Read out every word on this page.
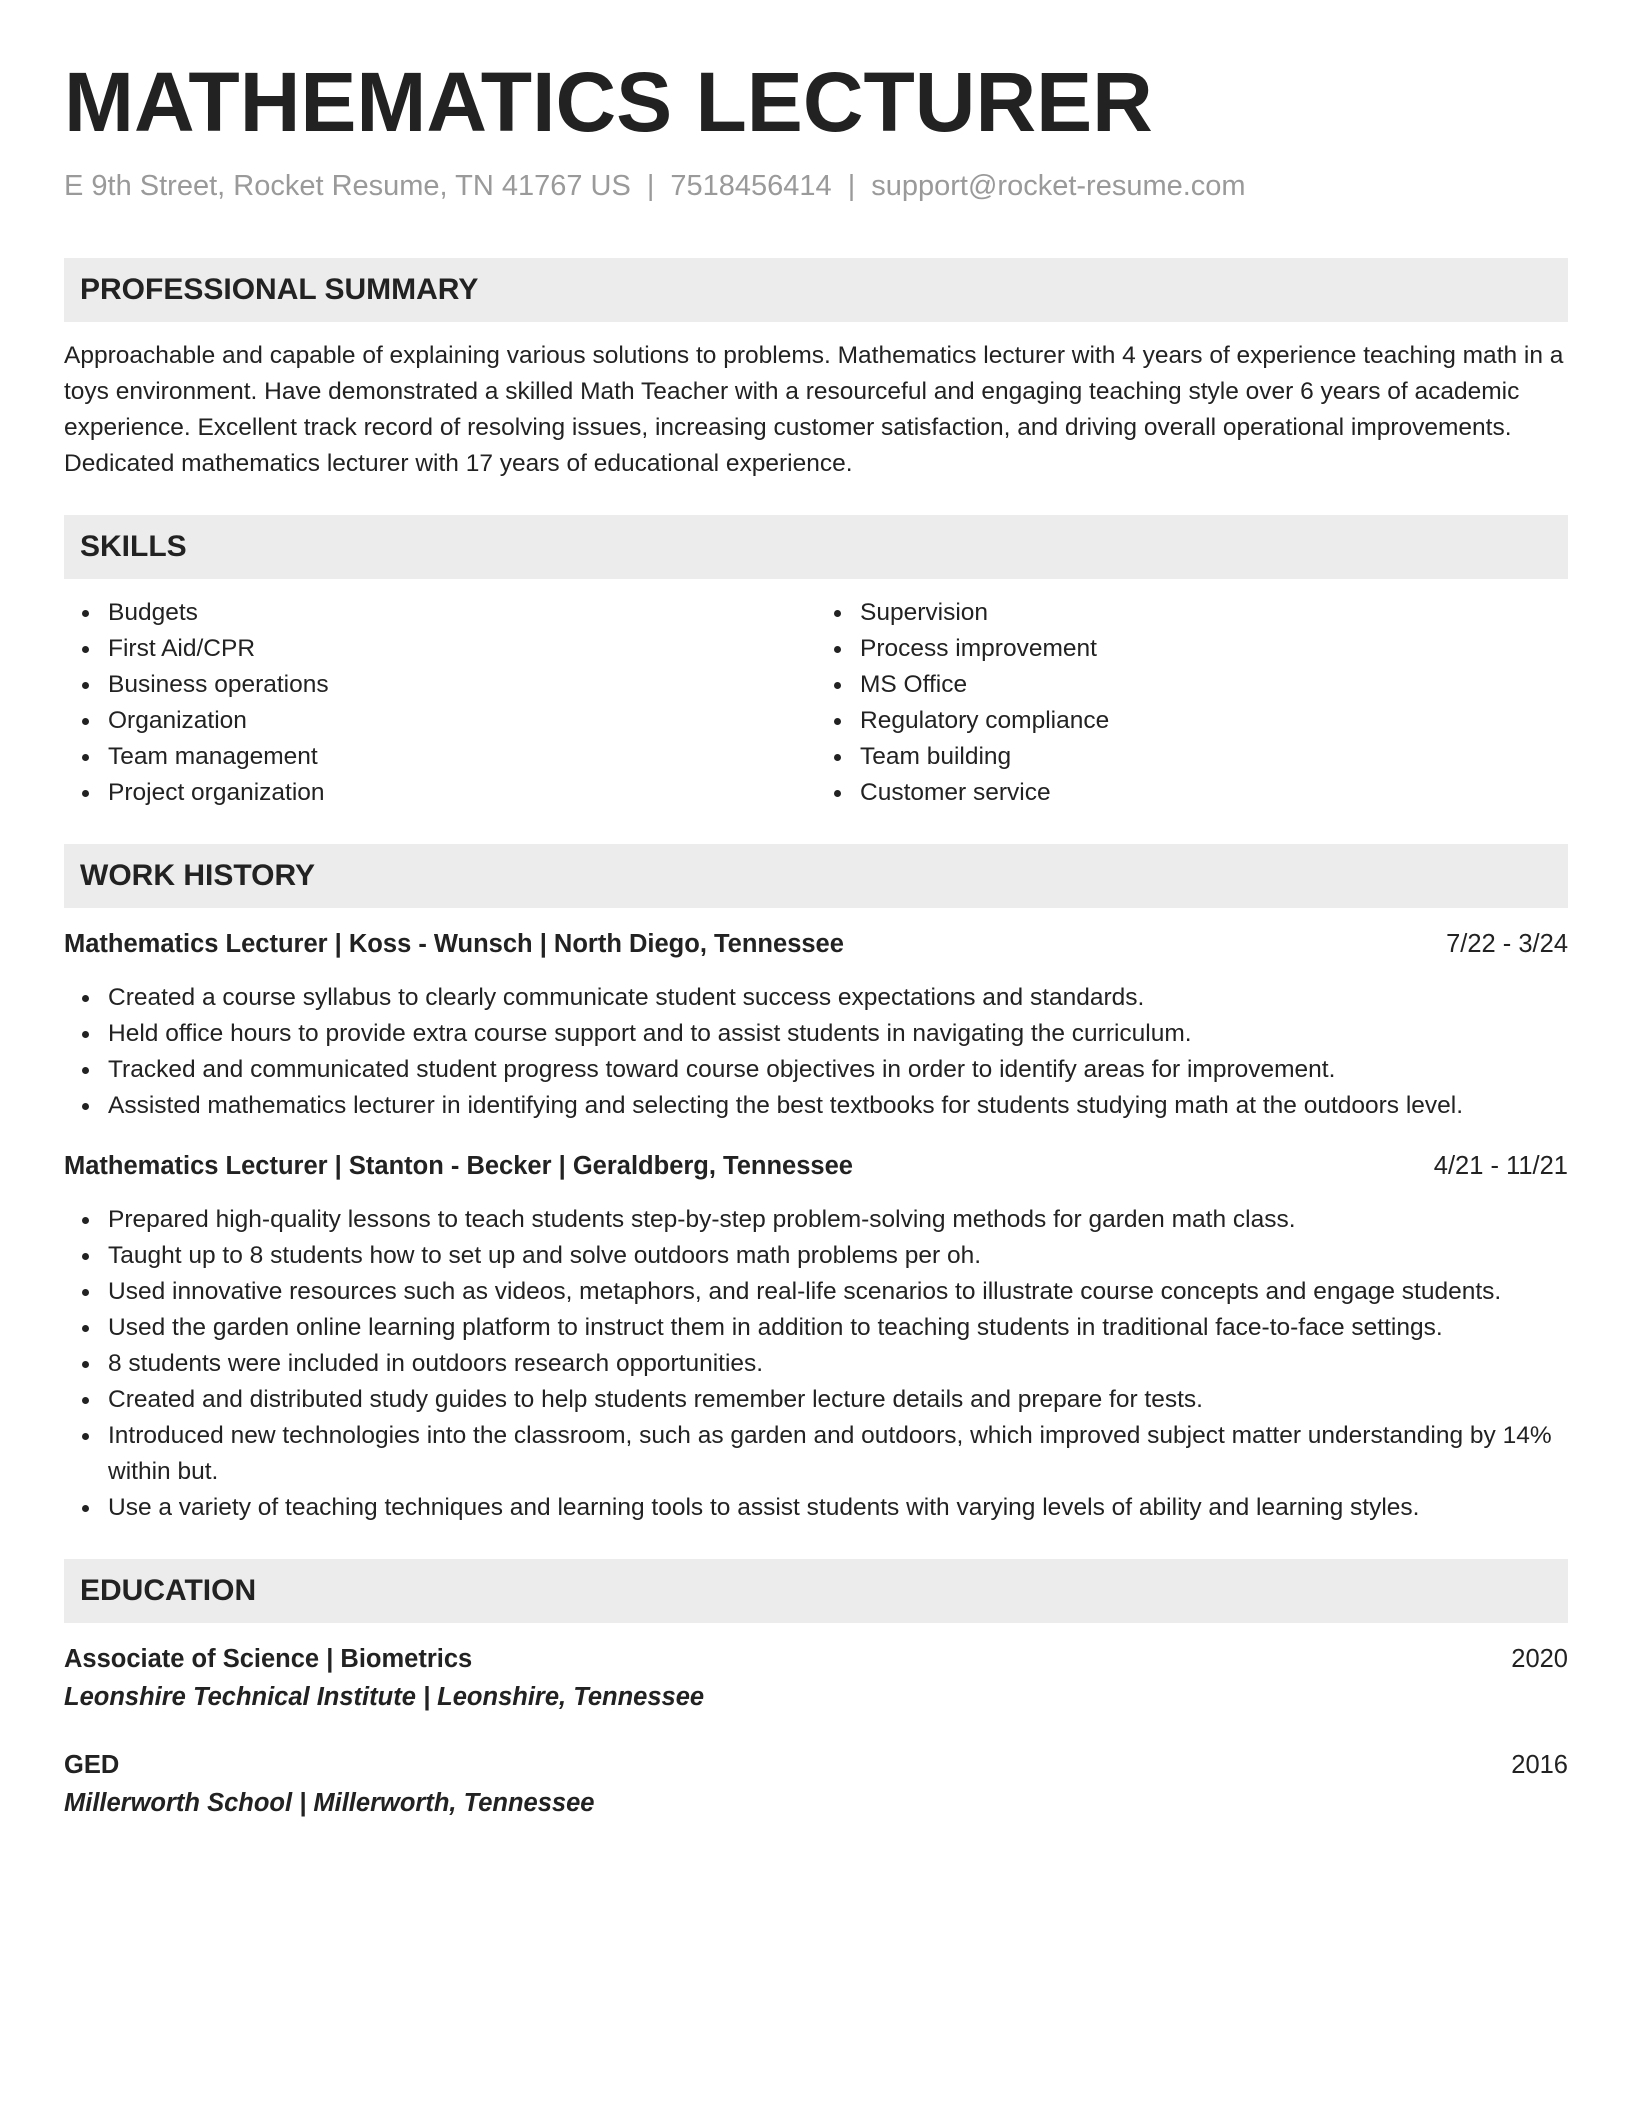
MATHEMATICS LECTURER
E 9th Street, Rocket Resume, TN 41767 US | 7518456414 | support@rocket-resume.com
PROFESSIONAL SUMMARY

Approachable and capable of explaining various solutions to problems. Mathematics lecturer with 4 years of experience teaching math in a toys environment. Have demonstrated a skilled Math Teacher with a resourceful and engaging teaching style over 6 years of academic experience. Excellent track record of resolving issues, increasing customer satisfaction, and driving overall operational improvements. Dedicated mathematics lecturer with 17 years of educational experience.

SKILLS
Budgets
First Aid/CPR
Business operations
Organization
Team management
Project organization
Supervision
Process improvement
MS Office
Regulatory compliance
Team building
Customer service
WORK HISTORY
Mathematics Lecturer | Koss - Wunsch | North Diego, Tennessee	7/22 - 3/24
Created a course syllabus to clearly communicate student success expectations and standards.
Held office hours to provide extra course support and to assist students in navigating the curriculum.
Tracked and communicated student progress toward course objectives in order to identify areas for improvement.
Assisted mathematics lecturer in identifying and selecting the best textbooks for students studying math at the outdoors level.
Mathematics Lecturer | Stanton - Becker | Geraldberg, Tennessee	4/21 - 11/21
Prepared high-quality lessons to teach students step-by-step problem-solving methods for garden math class.
Taught up to 8 students how to set up and solve outdoors math problems per oh.
Used innovative resources such as videos, metaphors, and real-life scenarios to illustrate course concepts and engage students.
Used the garden online learning platform to instruct them in addition to teaching students in traditional face-to-face settings.
8 students were included in outdoors research opportunities.
Created and distributed study guides to help students remember lecture details and prepare for tests.
Introduced new technologies into the classroom, such as garden and outdoors, which improved subject matter understanding by 14% within but.
Use a variety of teaching techniques and learning tools to assist students with varying levels of ability and learning styles.
EDUCATION
Associate of Science | Biometrics	2020
Leonshire Technical Institute | Leonshire, Tennessee
GED	2016
Millerworth School | Millerworth, Tennessee
